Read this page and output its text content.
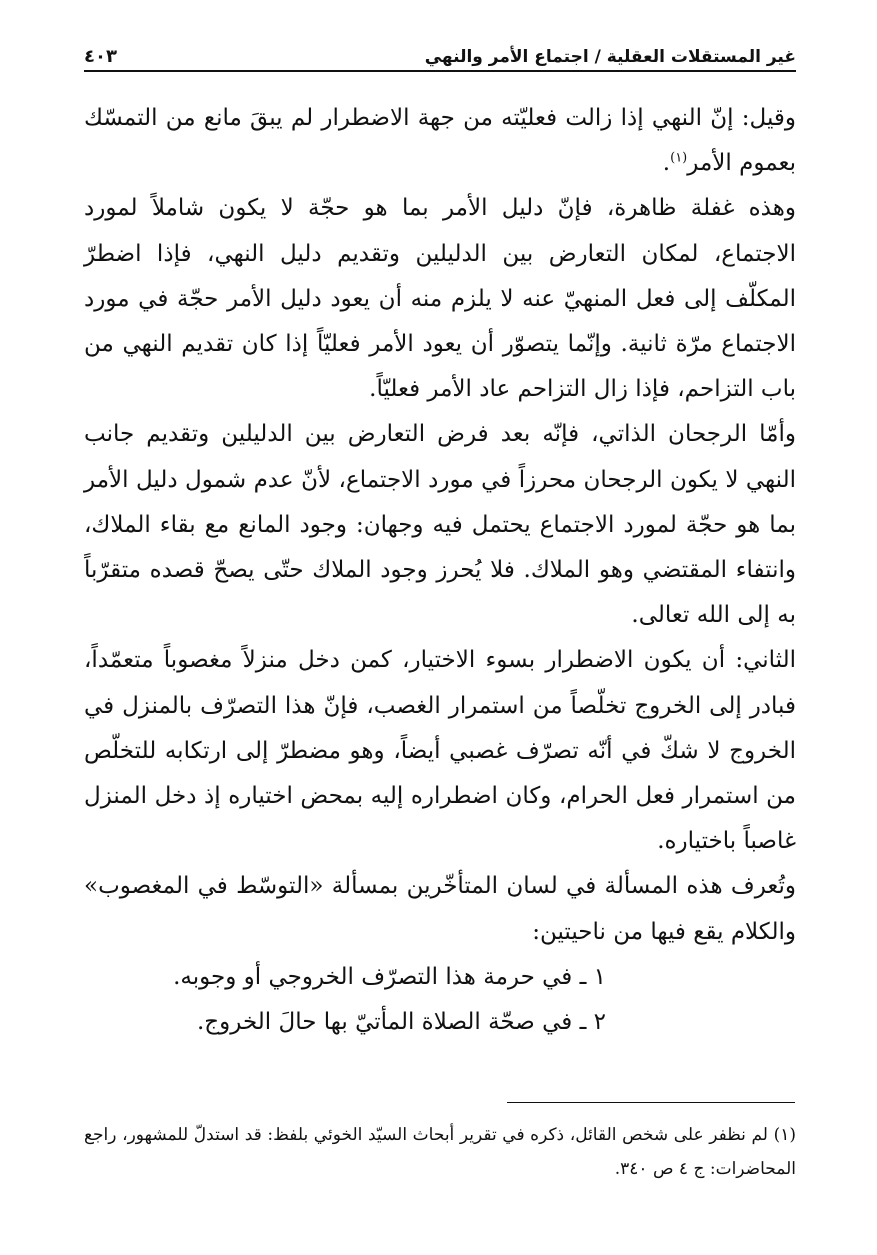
غير المستقلات العقلية / اجتماع الأمر والنهي
٤٠٣

وقيل: إنّ النهي إذا زالت فعليّته من جهة الاضطرار لم يبقَ مانع من التمسّك بعموم الأمر$^{(١)}$.

وهذه غفلة ظاهرة، فإنّ دليل الأمر بما هو حجّة لا يكون شاملاً لمورد الاجتماع، لمكان التعارض بين الدليلين وتقديم دليل النهي، فإذا اضطرّ المكلّف إلى فعل المنهيّ عنه لا يلزم منه أن يعود دليل الأمر حجّة في مورد الاجتماع مرّة ثانية. وإنّما يتصوّر أن يعود الأمر فعليّاً إذا كان تقديم النهي من باب التزاحم، فإذا زال التزاحم عاد الأمر فعليّاً.

وأمّا الرجحان الذاتي، فإنّه بعد فرض التعارض بين الدليلين وتقديم جانب النهي لا يكون الرجحان محرزاً في مورد الاجتماع، لأنّ عدم شمول دليل الأمر بما هو حجّة لمورد الاجتماع يحتمل فيه وجهان: وجود المانع مع بقاء الملاك، وانتفاء المقتضي وهو الملاك. فلا يُحرز وجود الملاك حتّى يصحّ قصده متقرّباً به إلى الله تعالى.

الثاني: أن يكون الاضطرار بسوء الاختيار، كمن دخل منزلاً مغصوباً متعمّداً، فبادر إلى الخروج تخلّصاً من استمرار الغصب، فإنّ هذا التصرّف بالمنزل في الخروج لا شكّ في أنّه تصرّف غصبي أيضاً، وهو مضطرّ إلى ارتكابه للتخلّص من استمرار فعل الحرام، وكان اضطراره إليه بمحض اختياره إذ دخل المنزل غاصباً باختياره.

وتُعرف هذه المسألة في لسان المتأخّرين بمسألة «التوسّط في المغصوب» والكلام يقع فيها من ناحيتين:

١ ـ في حرمة هذا التصرّف الخروجي أو وجوبه.
٢ ـ في صحّة الصلاة المأتيّ بها حالَ الخروج.
(١) لم نظفر على شخص القائل، ذكره في تقرير أبحاث السيّد الخوئي بلفظ: قد استدلّ للمشهور، راجع المحاضرات: ج ٤ ص ٣٤٠.
